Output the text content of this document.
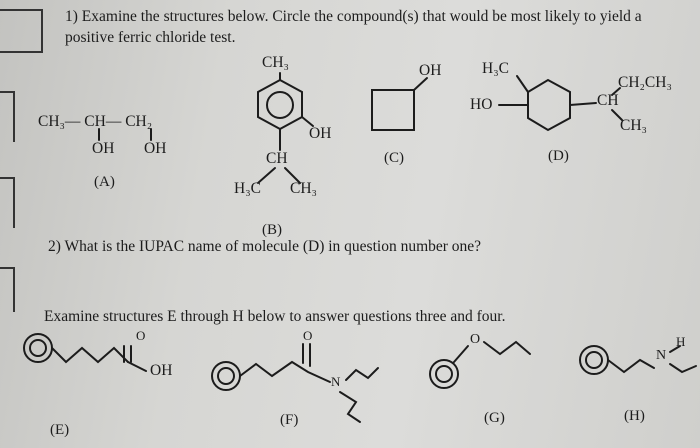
1) Examine the structures below. Circle the compound(s) that would be most likely to yield a
positive ferric chloride test.
CH₃— CH— CH₂
OH OH
(A)
CH₃
OH
CH
H₃C CH₃
(B)
OH
(C)
H₃C
HO	CH
CH₂CH₃
CH₃
(D)
2) What is the IUPAC name of molecule (D) in question number one?
Examine structures E through H below to answer questions three and four.
OH
O
(E)
O
N
(F)
O
(G)
N
H
(H)
